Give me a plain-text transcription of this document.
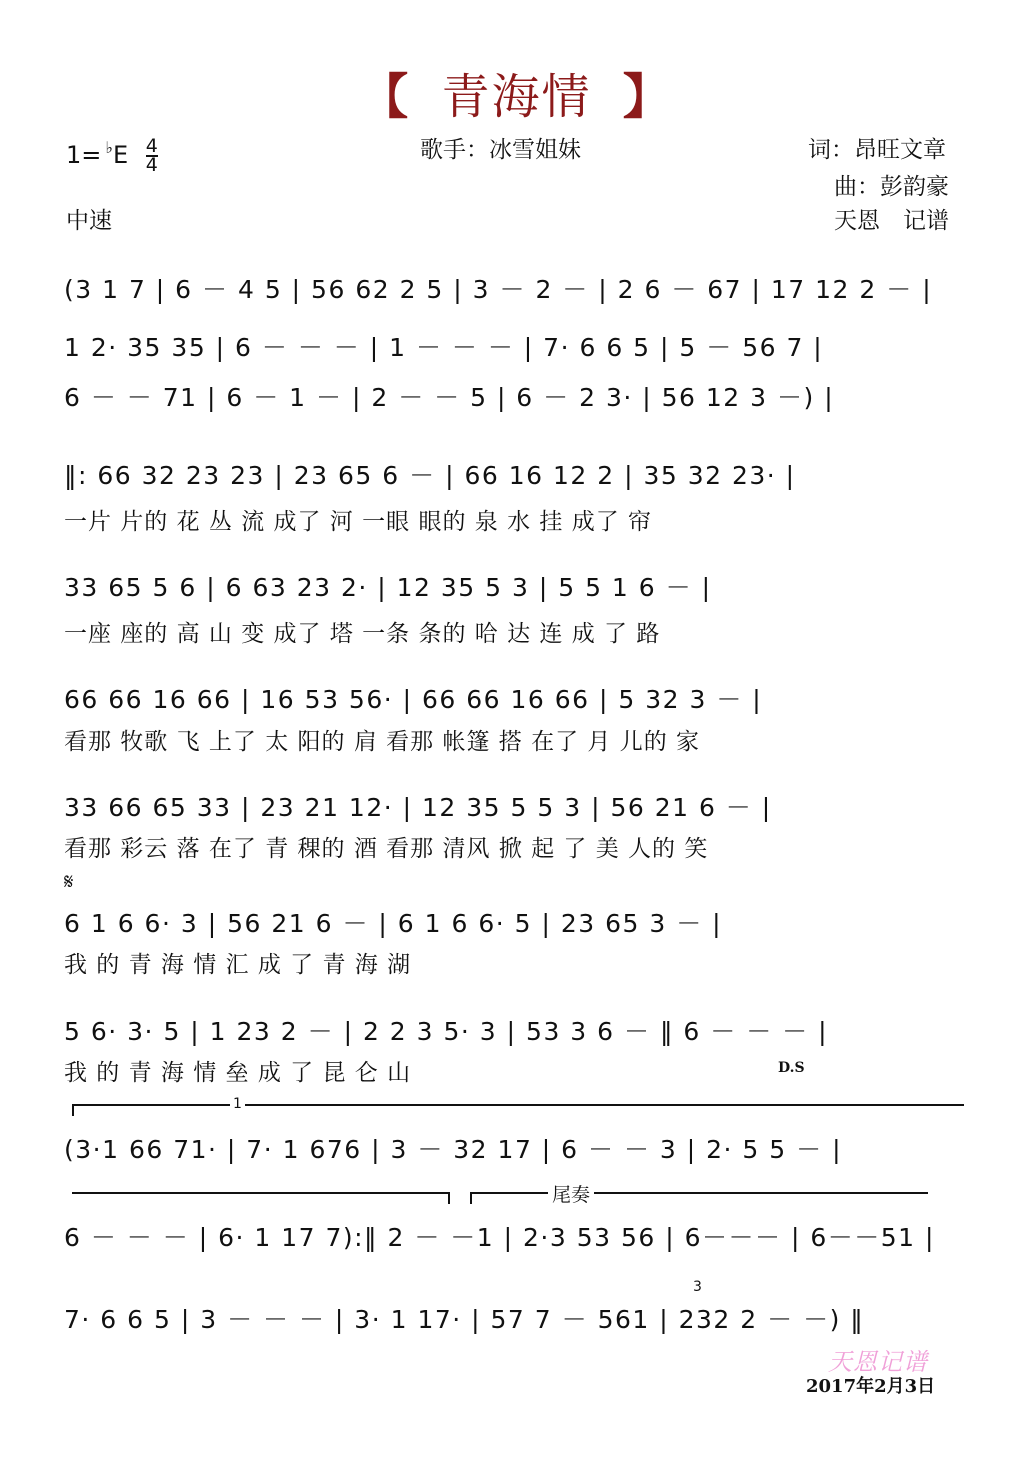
【 青海情 】
$1= ^♭E \frac{4}{4}$	歌手：冰雪姐妹	词：昂旺文章
曲：彭韵豪
天恩　记谱
中速
(3 1 7 | 6 － 4 5 | 56 62 2 5 | 3 － 2 － | 2 6 － 67 | 17 12 2 － |
1 2· 35 35 | 6 － － － | 1 － － － | 7· 6 6 5 | 5 － 56 7 |
6 － － 71 | 6 － 1 － | 2 － － 5 | 6 － 2 3· | 56 12 3 －) |
‖: 66 32 23 23 | 23 65 6 － | 66 16 12 2 | 35 32 23· |
一片 片的 花 丛 流 成了 河 一眼 眼的 泉 水 挂 成了 帘
33 65 5 6 | 6 63 23 2· | 12 35 5 3 | 5 5 1 6 － |
一座 座的 高 山 变 成了 塔 一条 条的 哈 达 连 成 了 路
66 66 16 66 | 16 53 56· | 66 66 16 66 | 5 32 3 － |
看那 牧歌 飞 上了 太 阳的 肩 看那 帐篷 搭 在了 月 儿的 家
33 66 65 33 | 23 21 12· | 12 35 5 5 3 | 56 21 6 － |
看那 彩云 落 在了 青 稞的 酒 看那 清风 掀 起 了 美 人的 笑
𝄋
6 1 6 6· 3 | 56 21 6 － | 6 1 6 6· 5 | 23 65 3 － |
我 的 青 海 情 汇 成 了 青 海 湖
5 6· 3· 5 | 1 23 2 － | 2 2 3 5· 3 | 53 3 6 － ‖ 6 － － － |
我 的 青 海 情 垒 成 了 昆 仑 山	D.S
1
(3·1 66 71· | 7· 1 676 | 3 － 32 17 | 6 － － 3 | 2· 5 5 － |
尾奏
6 － － － | 6· 1 17 7):‖ 2 － －1 | 2·3 53 56 | 6－－－ | 6－－51 |
7· 6 6 5 | 3 － － － | 3· 1 17· | 57 7 － 561 | 232 2 － －) ‖
3
天恩记谱
2017年2月3日
